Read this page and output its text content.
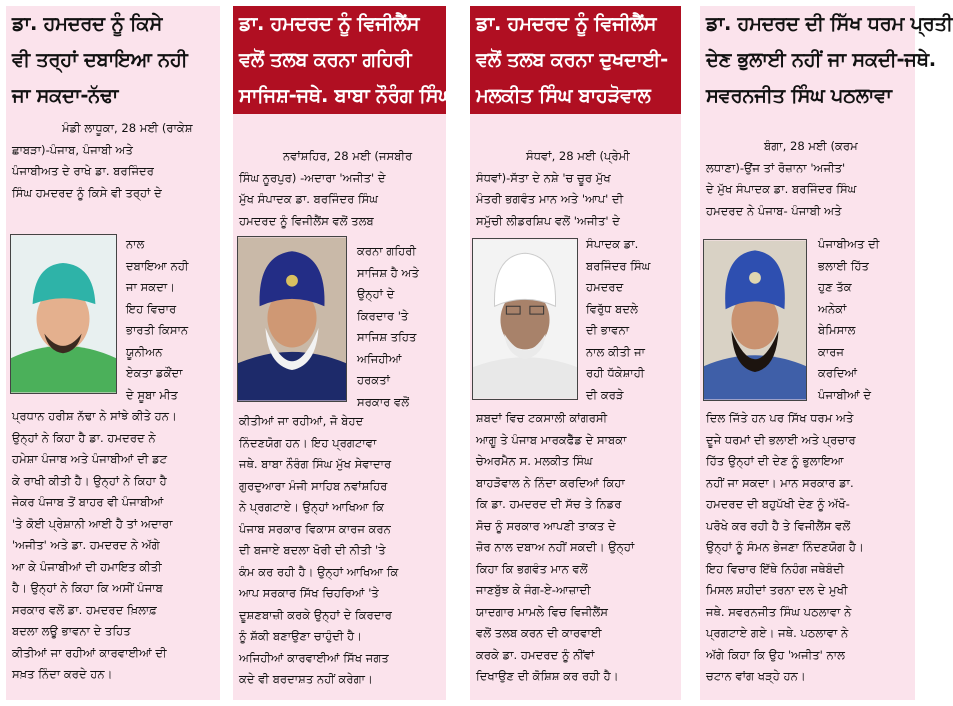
ਡਾ. ਹਮਦਰਦ ਨੂੰ ਕਿਸੇ
ਵੀ ਤਰ੍ਹਾਂ ਦਬਾਇਆ ਨਹੀ
ਜਾ ਸਕਦਾ-ਨੱਢਾ
ਮੰਡੀ ਲਾਧੂਕਾ, 28 ਮਈ (ਰਾਕੇਸ਼
ਛਾਬੜਾ)-ਪੰਜਾਬ, ਪੰਜਾਬੀ ਅਤੇ
ਪੰਜਾਬੀਅਤ ਦੇ ਰਾਖੇ ਡਾ. ਬਰਜਿੰਦਰ
ਸਿੰਘ ਹਮਦਰਦ ਨੂੰ ਕਿਸੇ ਵੀ ਤਰ੍ਹਾਂ ਦੇ
ਨਾਲ
ਦਬਾਇਆ ਨਹੀ
ਜਾ ਸਕਦਾ।
ਇਹ ਵਿਚਾਰ
ਭਾਰਤੀ ਕਿਸਾਨ
ਯੂਨੀਅਨ
ਏਕਤਾ ਡਕੌਂਦਾ
ਦੇ ਸੂਬਾ ਮੀਤ
ਪ੍ਰਧਾਨ ਹਰੀਸ਼ ਨੱਢਾ ਨੇ ਸਾਂਝੇ ਕੀਤੇ ਹਨ।
ਉਨ੍ਹਾਂ ਨੇ ਕਿਹਾ ਹੈ ਡਾ. ਹਮਦਰਦ ਨੇ
ਹਮੇਸ਼ਾ ਪੰਜਾਬ ਅਤੇ ਪੰਜਾਬੀਆਂ ਦੀ ਡਟ
ਕੇ ਰਾਖੀ ਕੀਤੀ ਹੈ। ਉਨ੍ਹਾਂ ਨੇ ਕਿਹਾ ਹੈ
ਜੇਕਰ ਪੰਜਾਬ ਤੋਂ ਬਾਹਰ ਵੀ ਪੰਜਾਬੀਆਂ
'ਤੇ ਕੋਈ ਪ੍ਰੇਸ਼ਾਨੀ ਆਈ ਹੈ ਤਾਂ ਅਦਾਰਾ
'ਅਜੀਤ' ਅਤੇ ਡਾ. ਹਮਦਰਦ ਨੇ ਅੱਗੇ
ਆ ਕੇ ਪੰਜਾਬੀਆਂ ਦੀ ਹਮਾਇਤ ਕੀਤੀ
ਹੈ। ਉਨ੍ਹਾਂ ਨੇ ਕਿਹਾ ਕਿ ਅਸੀਂ ਪੰਜਾਬ
ਸਰਕਾਰ ਵਲੋਂ ਡਾ. ਹਮਦਰਦ ਖ਼ਿਲਾਫ਼
ਬਦਲਾ ਲਊ ਭਾਵਨਾ ਦੇ ਤਹਿਤ
ਕੀਤੀਆਂ ਜਾ ਰਹੀਆਂ ਕਾਰਵਾਈਆਂ ਦੀ
ਸਖ਼ਤ ਨਿੰਦਾ ਕਰਦੇ ਹਨ।
ਡਾ. ਹਮਦਰਦ ਨੂੰ ਵਿਜੀਲੈਂਸ
ਵਲੋਂ ਤਲਬ ਕਰਨਾ ਗਹਿਰੀ
ਸਾਜਿਸ਼-ਜਥੇ. ਬਾਬਾ ਨੌਰੰਗ ਸਿੰਘ
ਨਵਾਂਸ਼ਹਿਰ, 28 ਮਈ (ਜਸਬੀਰ
ਸਿੰਘ ਨੂਰਪੁਰ) -ਅਦਾਰਾ 'ਅਜੀਤ' ਦੇ
ਮੁੱਖ ਸੰਪਾਦਕ ਡਾ. ਬਰਜਿੰਦਰ ਸਿੰਘ
ਹਮਦਰਦ ਨੂੰ ਵਿਜੀਲੈਂਸ ਵਲੋਂ ਤਲਬ
ਕਰਨਾ ਗਹਿਰੀ
ਸਾਜਿਸ਼ ਹੈ ਅਤੇ
ਉਨ੍ਹਾਂ ਦੇ
ਕਿਰਦਾਰ 'ਤੇ
ਸਾਜਿਸ਼ ਤਹਿਤ
ਅਜਿਹੀਆਂ
ਹਰਕਤਾਂ
ਸਰਕਾਰ ਵਲੋਂ
ਕੀਤੀਆਂ ਜਾ ਰਹੀਆਂ, ਜੋ ਬੇਹਦ
ਨਿੰਦਣਯੋਗ ਹਨ। ਇਹ ਪ੍ਰਗਟਾਵਾ
ਜਥੇ. ਬਾਬਾ ਨੌਰੰਗ ਸਿੰਘ ਮੁੱਖ ਸੇਵਾਦਾਰ
ਗੁਰਦੁਆਰਾ ਮੰਜੀ ਸਾਹਿਬ ਨਵਾਂਸ਼ਹਿਰ
ਨੇ ਪ੍ਰਗਟਾਏ। ਉਨ੍ਹਾਂ ਆਖਿਆ ਕਿ
ਪੰਜਾਬ ਸਰਕਾਰ ਵਿਕਾਸ ਕਾਰਜ ਕਰਨ
ਦੀ ਬਜਾਏ ਬਦਲਾ ਖੋਰੀ ਦੀ ਨੀਤੀ 'ਤੇ
ਕੰਮ ਕਰ ਰਹੀ ਹੈ। ਉਨ੍ਹਾਂ ਆਖਿਆ ਕਿ
ਆਪ ਸਰਕਾਰ ਸਿੱਖ ਚਿਹਰਿਆਂ 'ਤੇ
ਦੂਸ਼ਣਬਾਜ਼ੀ ਕਰਕੇ ਉਨ੍ਹਾਂ ਦੇ ਕਿਰਦਾਰ
ਨੂੰ ਸ਼ੱਕੀ ਬਣਾਉਣਾ ਚਾਹੁੰਦੀ ਹੈ।
ਅਜਿਹੀਆਂ ਕਾਰਵਾਈਆਂ ਸਿੱਖ ਜਗਤ
ਕਦੇ ਵੀ ਬਰਦਾਸ਼ਤ ਨਹੀਂ ਕਰੇਗਾ।
ਡਾ. ਹਮਦਰਦ ਨੂੰ ਵਿਜੀਲੈਂਸ
ਵਲੋਂ ਤਲਬ ਕਰਨਾ ਦੁਖਦਾਈ-
ਮਲਕੀਤ ਸਿੰਘ ਬਾਹੜੋਵਾਲ
ਸੰਧਵਾਂ, 28 ਮਈ (ਪ੍ਰੇਮੀ
ਸੰਧਵਾਂ)-ਸੱਤਾ ਦੇ ਨਸ਼ੇ 'ਚ ਚੂਰ ਮੁੱਖ
ਮੰਤਰੀ ਭਗਵੰਤ ਮਾਨ ਅਤੇ 'ਆਪ' ਦੀ
ਸਮੁੱਚੀ ਲੀਡਰਸ਼ਿਪ ਵਲੋਂ 'ਅਜੀਤ' ਦੇ
ਸੰਪਾਦਕ ਡਾ.
ਬਰਜਿੰਦਰ ਸਿੰਘ
ਹਮਦਰਦ
ਵਿਰੁੱਧ ਬਦਲੇ
ਦੀ ਭਾਵਨਾ
ਨਾਲ ਕੀਤੀ ਜਾ
ਰਹੀ ਧੱਕੇਸ਼ਾਹੀ
ਦੀ ਕਰੜੇ
ਸ਼ਬਦਾਂ ਵਿਚ ਟਕਸਾਲੀ ਕਾਂਗਰਸੀ
ਆਗੂ ਤੇ ਪੰਜਾਬ ਮਾਰਕਫੈੱਡ ਦੇ ਸਾਬਕਾ
ਚੇਅਰਮੈਨ ਸ. ਮਲਕੀਤ ਸਿੰਘ
ਬਾਹੜੋਵਾਲ ਨੇ ਨਿੰਦਾ ਕਰਦਿਆਂ ਕਿਹਾ
ਕਿ ਡਾ. ਹਮਦਰਦ ਦੀ ਸੱਚ ਤੇ ਨਿਡਰ
ਸੋਚ ਨੂੰ ਸਰਕਾਰ ਆਪਣੀ ਤਾਕਤ ਦੇ
ਜ਼ੋਰ ਨਾਲ ਦਬਾਅ ਨਹੀਂ ਸਕਦੀ। ਉਨ੍ਹਾਂ
ਕਿਹਾ ਕਿ ਭਗਵੰਤ ਮਾਨ ਵਲੋਂ
ਜਾਣਬੁੱਝ ਕੇ ਜੰਗ-ਏ-ਆਜ਼ਾਦੀ
ਯਾਦਗਾਰ ਮਾਮਲੇ ਵਿਚ ਵਿਜੀਲੈਂਸ
ਵਲੋਂ ਤਲਬ ਕਰਨ ਦੀ ਕਾਰਵਾਈ
ਕਰਕੇ ਡਾ. ਹਮਦਰਦ ਨੂੰ ਨੀਂਵਾਂ
ਦਿਖਾਉਣ ਦੀ ਕੋਸ਼ਿਸ਼ ਕਰ ਰਹੀ ਹੈ।
ਡਾ. ਹਮਦਰਦ ਦੀ ਸਿੱਖ ਧਰਮ ਪ੍ਰਤੀ
ਦੇਣ ਭੁਲਾਈ ਨਹੀਂ ਜਾ ਸਕਦੀ-ਜਥੇ.
ਸਵਰਨਜੀਤ ਸਿੰਘ ਪਠਲਾਵਾ
ਬੰਗਾ, 28 ਮਈ (ਕਰਮ
ਲਧਾਣਾ)-ਉਂਜ ਤਾਂ ਰੋਜ਼ਾਨਾ 'ਅਜੀਤ'
ਦੇ ਮੁੱਖ ਸੰਪਾਦਕ ਡਾ. ਬਰਜਿੰਦਰ ਸਿੰਘ
ਹਮਦਰਦ ਨੇ ਪੰਜਾਬ- ਪੰਜਾਬੀ ਅਤੇ
ਪੰਜਾਬੀਅਤ ਦੀ
ਭਲਾਈ ਹਿੱਤ
ਹੁਣ ਤੱਕ
ਅਨੇਕਾਂ
ਬੇਮਿਸਾਲ
ਕਾਰਜ
ਕਰਦਿਆਂ
ਪੰਜਾਬੀਆਂ ਦੇ
ਦਿਲ ਜਿੱਤੇ ਹਨ ਪਰ ਸਿੱਖ ਧਰਮ ਅਤੇ
ਦੂਜੇ ਧਰਮਾਂ ਦੀ ਭਲਾਈ ਅਤੇ ਪ੍ਰਚਾਰ
ਹਿੱਤ ਉਨ੍ਹਾਂ ਦੀ ਦੇਣ ਨੂੰ ਭੁਲਾਇਆ
ਨਹੀਂ ਜਾ ਸਕਦਾ। ਮਾਨ ਸਰਕਾਰ ਡਾ.
ਹਮਦਰਦ ਦੀ ਬਹੁਪੱਖੀ ਦੇਣ ਨੂੰ ਅੱਖੋ-
ਪਰੋਖੇ ਕਰ ਰਹੀ ਹੈ ਤੇ ਵਿਜੀਲੈਂਸ ਵਲੋਂ
ਉਨ੍ਹਾਂ ਨੂੰ ਸੰਮਨ ਭੇਜਣਾ ਨਿੰਦਣਯੋਗ ਹੈ।
ਇਹ ਵਿਚਾਰ ਇੱਥੇ ਨਿਹੰਗ ਜਥੇਬੰਦੀ
ਮਿਸਲ ਸ਼ਹੀਦਾਂ ਤਰਨਾ ਦਲ ਦੇ ਮੁਖੀ
ਜਥੇ. ਸਵਰਨਜੀਤ ਸਿੰਘ ਪਠਲਾਵਾ ਨੇ
ਪ੍ਰਗਟਾਏ ਗਏ। ਜਥੇ. ਪਠਲਾਵਾ ਨੇ
ਅੱਗੇ ਕਿਹਾ ਕਿ ਉਹ 'ਅਜੀਤ' ਨਾਲ
ਚਟਾਨ ਵਾਂਗ ਖੜ੍ਹੇ ਹਨ।
